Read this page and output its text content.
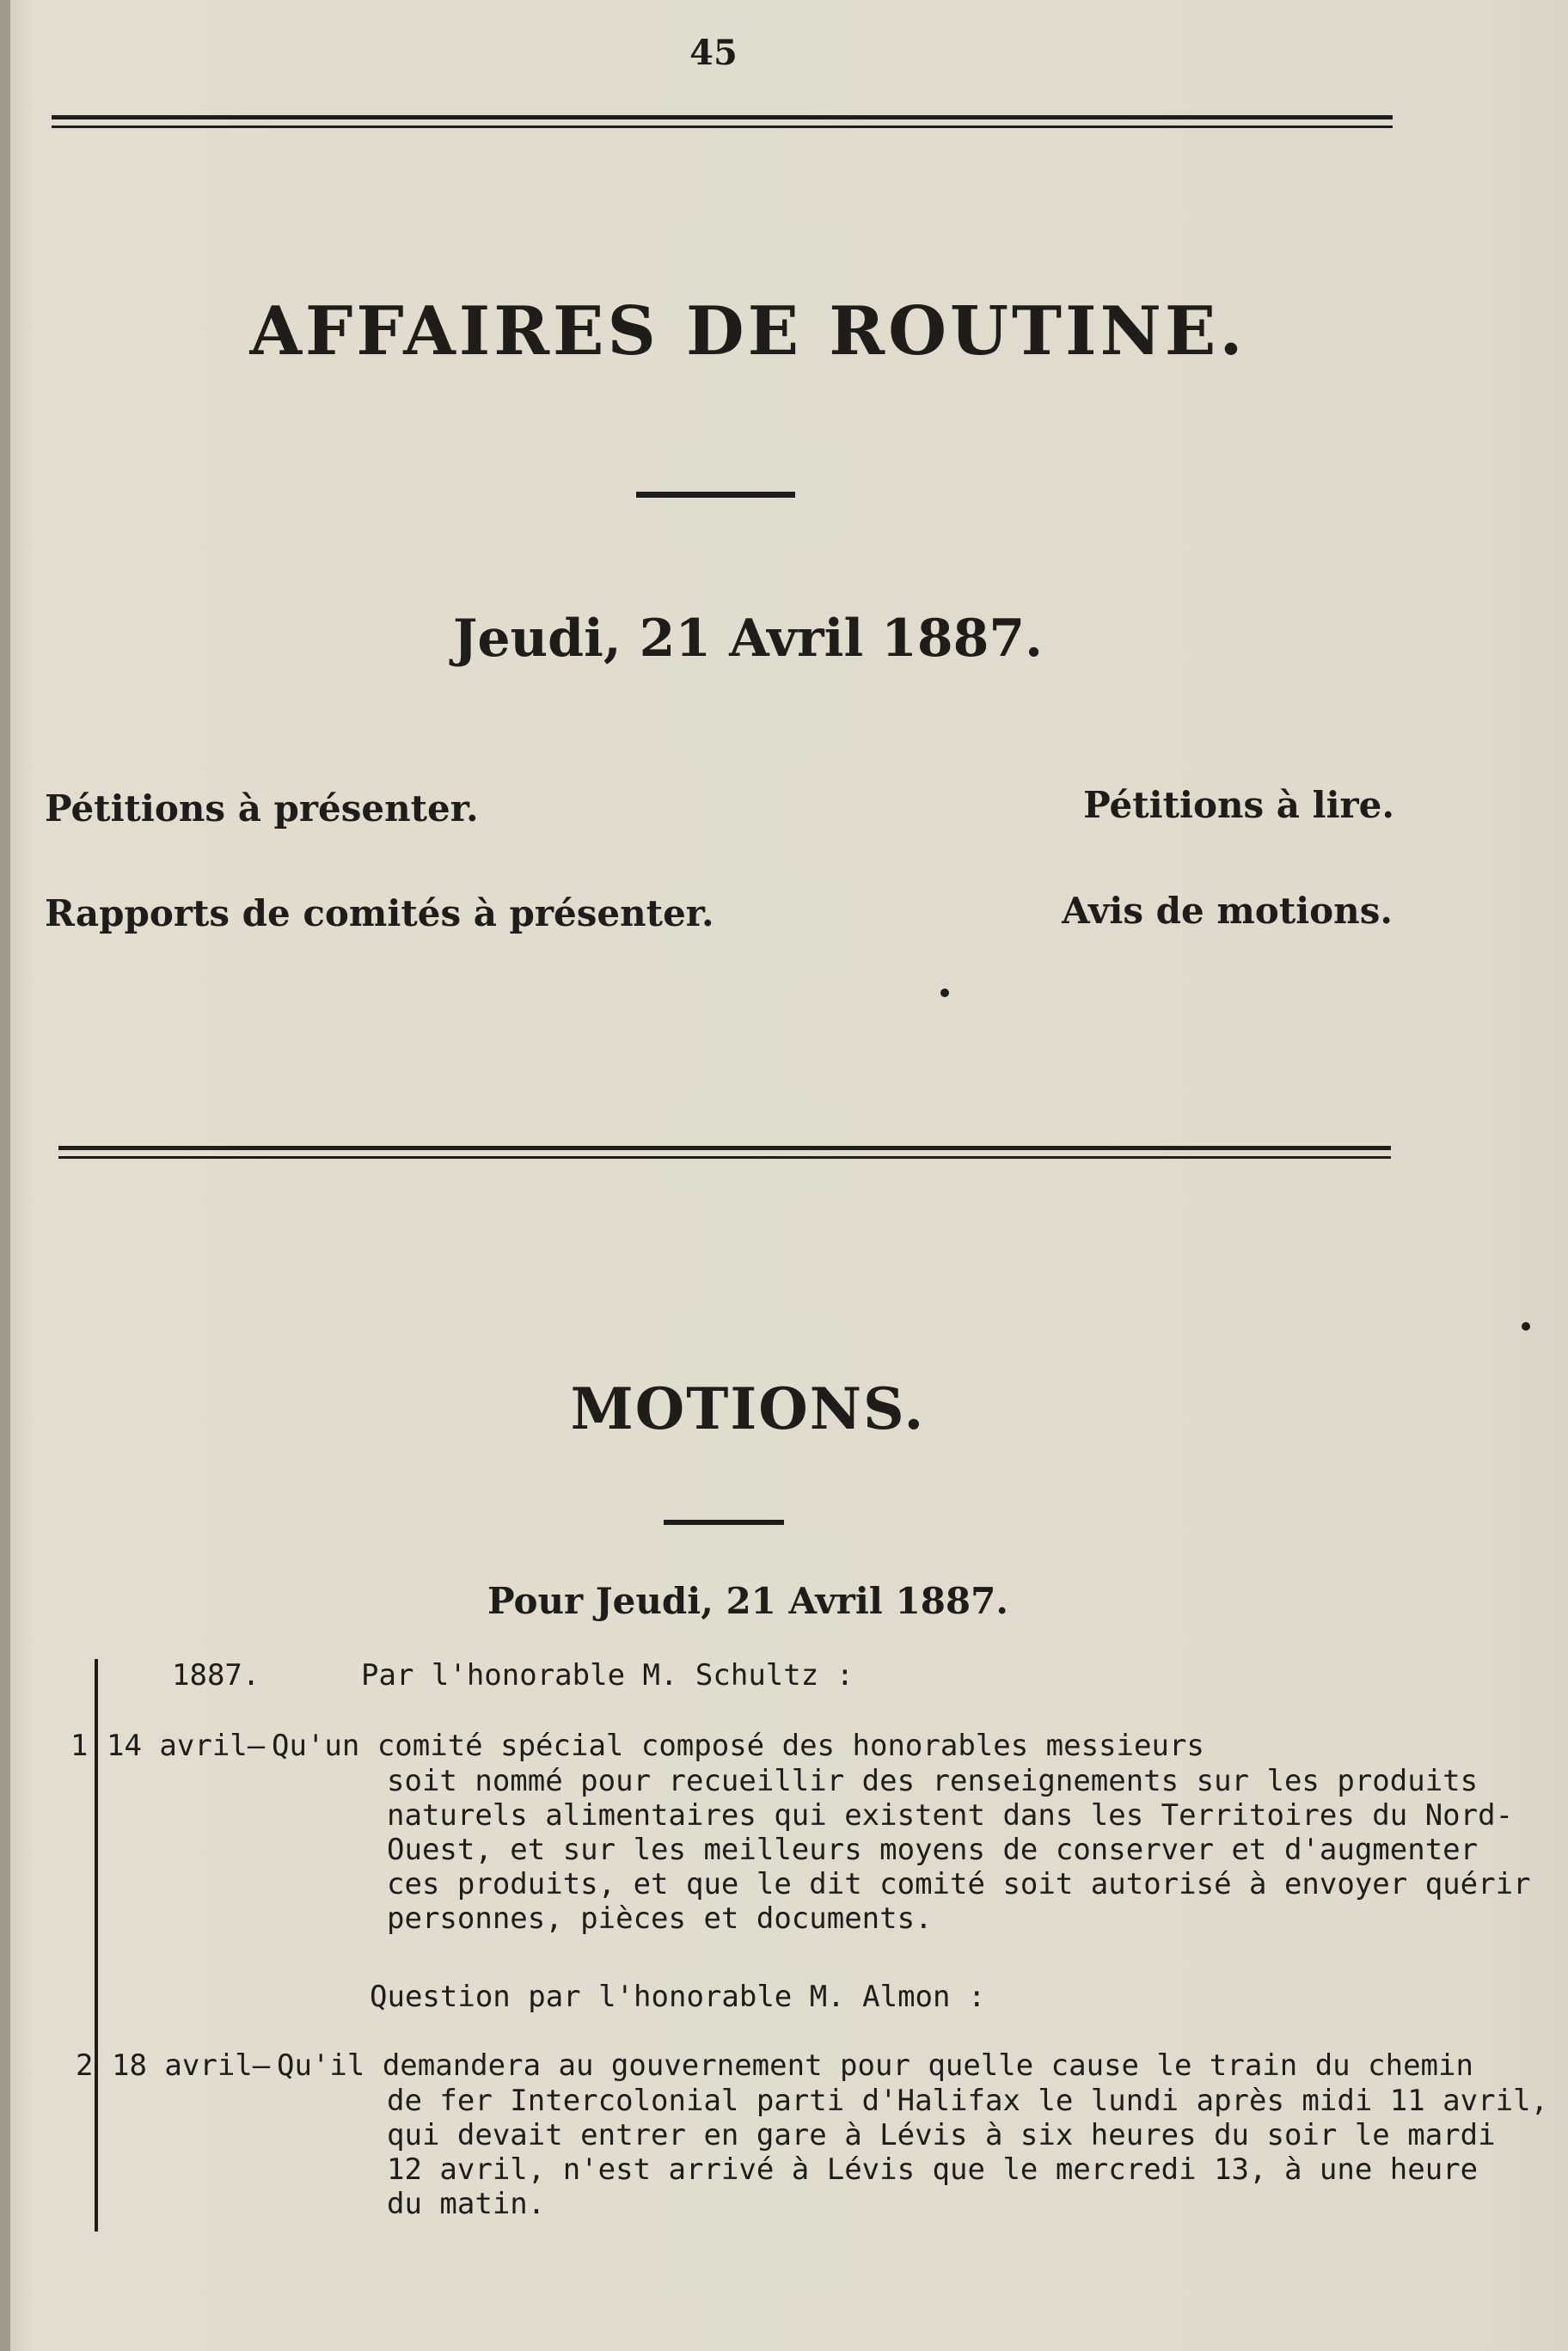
45
AFFAIRES DE ROUTINE.
Jeudi, 21 Avril 1887.
Pétitions à présenter.	Pétitions à lire.
Rapports de comités à présenter.	Avis de motions.
MOTIONS.
Pour Jeudi, 21 Avril 1887.
1887.	Par l'honorable M. Schultz :
1 14 avril— Qu'un comité spécial composé des honorables messieurs
soit nommé pour recueillir des renseignements sur les produits
naturels alimentaires qui existent dans les Territoires du Nord-
Ouest, et sur les meilleurs moyens de conserver et d'augmenter
ces produits, et que le dit comité soit autorisé à envoyer quérir
personnes, pièces et documents.
Question par l'honorable M. Almon :
2 18 avril— Qu'il demandera au gouvernement pour quelle cause le train du chemin
de fer Intercolonial parti d'Halifax le lundi après midi 11 avril,
qui devait entrer en gare à Lévis à six heures du soir le mardi
12 avril, n'est arrivé à Lévis que le mercredi 13, à une heure
du matin.
